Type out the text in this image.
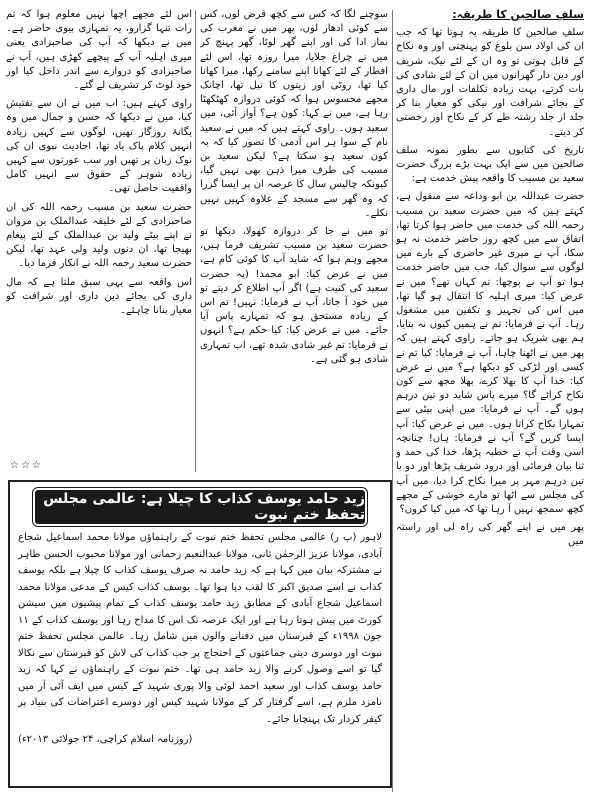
سلفِ صالحین کا طریقہ:

سلفِ صالحین کا طریقہ یہ ہوتا تھا کہ جب ان کی اولاد سن بلوغ کو پہنچتی اور وہ نکاح کے قابل ہوتی تو وہ ان کے لئے نیک، شریف اور دین دار گھرانوں میں ان کے لئے شادی کی بات کرتے، بہت زیادہ تکلفات اور مال داری کے بجائے شرافت اور نیکی کو معیار بنا کر جلد از جلد رشتہ طے کر کے نکاح اور رخصتی کر دیتے۔

تاریخ کی کتابوں سے بطور نمونہ سلف صالحین میں سے ایک بہت بڑے بزرگ حضرت سعید بن مسیب کا واقعہ پیش خدمت ہے:

حضرت عبداللہ بن ابو وداعہ سے منقول ہے، کہتے ہیں کہ میں حضرت سعید بن مسیب رحمہ اللہ کی خدمت میں حاضر ہوا کرتا تھا، اتفاق سے میں کچھ روز حاضر خدمت نہ ہو سکا، آپ نے میری غیر حاضری کے بارے میں لوگوں سے سوال کیا، جب میں حاضر خدمت ہوا تو آپ نے پوچھا: تم کہاں تھے؟ میں نے عرض کیا: میری اہلیہ کا انتقال ہو گیا تھا، میں اس کی تجہیز و تکفین میں مشغول رہا۔ آپ نے فرمایا: تم نے ہمیں کیوں نہ بتایا، ہم بھی شریک ہو جاتے۔ راوی کہتے ہیں کہ پھر میں نے اٹھنا چاہا، آپ نے فرمایا: کیا تم نے کسی اور لڑکی کو دیکھا ہے؟ میں نے عرض کیا: خدا آپ کا بھلا کرے، بھلا مجھ سے کون نکاح کرائے گا؟ میرے پاس شاید دو تین درہم ہوں گے۔ آپ نے فرمایا: میں اپنی بیٹی سے تمہارا نکاح کراتا ہوں۔ میں نے عرض کیا: آپ ایسا کریں گے؟ آپ نے فرمایا: ہاں! چنانچہ اسی وقت آپ نے خطبہ پڑھا، خدا کی حمد و ثنا بیان فرمائی اور درود شریف پڑھا اور دو یا تین درہم مہر پر میرا نکاح کرا دیا، میں آپ کی مجلس سے اٹھا تو مارے خوشی کے مجھے کچھ سمجھ نہیں آ رہا تھا کہ میں کیا کروں؟

پھر میں نے اپنے گھر کی راہ لی اور راستہ میں

سوچنے لگا کہ کس سے کچھ قرض لوں، کس سے کوئی ادھار لوں، پھر میں نے مغرب کی نماز ادا کی اور اپنے گھر لوٹا، گھر پہنچ کر میں نے چراغ جلایا، میرا روزہ تھا، اس لئے افطار کے لئے کھانا اپنے سامنے رکھا، میرا کھانا کیا تھا، روٹی اور زیتون کا تیل تھا، اچانک مجھے محسوس ہوا کہ کوئی دروازہ کھٹکھٹا رہا ہے، میں نے کہا: کون ہے؟ آواز آئی، میں سعید ہوں۔ راوی کہتے ہیں کہ میں نے سعید نام کے سوا ہر اس آدمی کا تصور کیا کہ یہ کون سعید ہو سکتا ہے؟ لیکن سعید بن مسیب کی طرف میرا ذہن بھی نہیں گیا، کیونکہ چالیس سال کا عرصہ ان پر ایسا گزرا کہ وہ گھر سے مسجد کے علاوہ کہیں نہیں نکلے۔

تو میں نے جا کر دروازہ کھولا، دیکھا تو حضرت سعید بن مسیب تشریف فرما ہیں، مجھے وہم ہوا کہ شاید آپ کا کوئی کام ہے، میں نے عرض کیا: ابو محمد! (یہ حضرت سعید کی کنیت ہے) اگر آپ اطلاع کر دیتے تو میں خود آ جاتا، آپ نے فرمایا: نہیں! تم اس کے زیادہ مستحق ہو کہ تمہارے پاس آیا جائے۔ میں نے عرض کیا: کیا حکم ہے؟ انہوں نے فرمایا: تم غیر شادی شدہ تھے، اب تمہاری شادی ہو گئی ہے۔

اس لئے مجھے اچھا نہیں معلوم ہوا کہ تم رات تنہا گزارو، یہ تمہاری بیوی حاضر ہے۔ میں نے دیکھا کہ آپ کی صاحبزادی یعنی میری اہلیہ آپ کے پیچھے کھڑی ہیں، آپ نے صاحبزادی کو دروازے سے اندر داخل کیا اور خود لوٹ کر تشریف لے گئے۔

راوی کہتے ہیں: اب میں نے ان سے تفتیش کیا، میں نے دیکھا کہ حسن و جمال میں وہ یگانۂ روزگار تھیں، لوگوں سے کہیں زیادہ انہیں کلام پاک یاد تھا، احادیث نبوی ان کی نوک زبان پر تھیں اور سب عورتوں سے کہیں زیادہ شوہر کے حقوق سے انہیں کامل واقفیت حاصل تھی۔

حضرت سعید بن مسیب رحمہ اللہ کی ان صاحبزادی کے لئے خلیفہ عبدالملک بن مروان نے اپنے بیٹے ولید بن عبدالملک کے لئے پیغام بھیجا تھا، ان دنوں ولید ولی عہد تھا، لیکن حضرت سعید رحمہ اللہ نے انکار فرما دیا۔

اس واقعہ سے یہی سبق ملتا ہے کہ مال داری کی بجائے دین داری اور شرافت کو معیار بنانا چاہئے۔

☆☆☆
زید حامد یوسف کذاب کا چیلا ہے: عالمی مجلس تحفظ ختم نبوت
لاہور (پ ر) عالمی مجلس تحفظ ختم نبوت کے راہنماؤں مولانا محمد اسماعیل شجاع آبادی، مولانا عزیز الرحمٰن ثانی، مولانا عبدالنعیم رحمانی اور مولانا محبوب الحسن طاہر نے مشترکہ بیان میں کہا ہے کہ زید حامد نہ صرف یوسف کذاب کا چیلا ہے بلکہ یوسف کذاب نے اسے صدیق اکبر کا لقب دیا ہوا تھا۔ یوسف کذاب کیس کے مدعی مولانا محمد اسماعیل شجاع آبادی کے مطابق زید حامد یوسف کذاب کے تمام پیشیوں میں سیشن کورٹ میں پیش ہوتا رہا ہے اور ایک عرصہ تک اس کا مداح رہا اور یوسف کذاب کے ۱۱ جون ۱۹۹۸ء کے قبرستان میں دفنانے والوں میں شامل رہا۔ عالمی مجلس تحفظ ختم نبوت اور دوسری دینی جماعتوں کے احتجاج پر جب کذاب کی لاش کو قبرستان سے نکالا گیا تو اسے وصول کرنے والا زید حامد ہی تھا۔ ختم نبوت کے راہنماؤں نے کہا کہ زید حامد یوسف کذاب اور سعید احمد لوئی والا پوری شہید کے کیس میں ایف آئی آر میں نامزد ملزم ہے، اسے گرفتار کر کے مولانا شہید کیس اور دوسرے اعتراضات کی بنیاد پر کیفر کردار تک پہنچایا جائے۔
(روزنامہ اسلام کراچی، ۲۴ جولائی ۲۰۱۳ء)
